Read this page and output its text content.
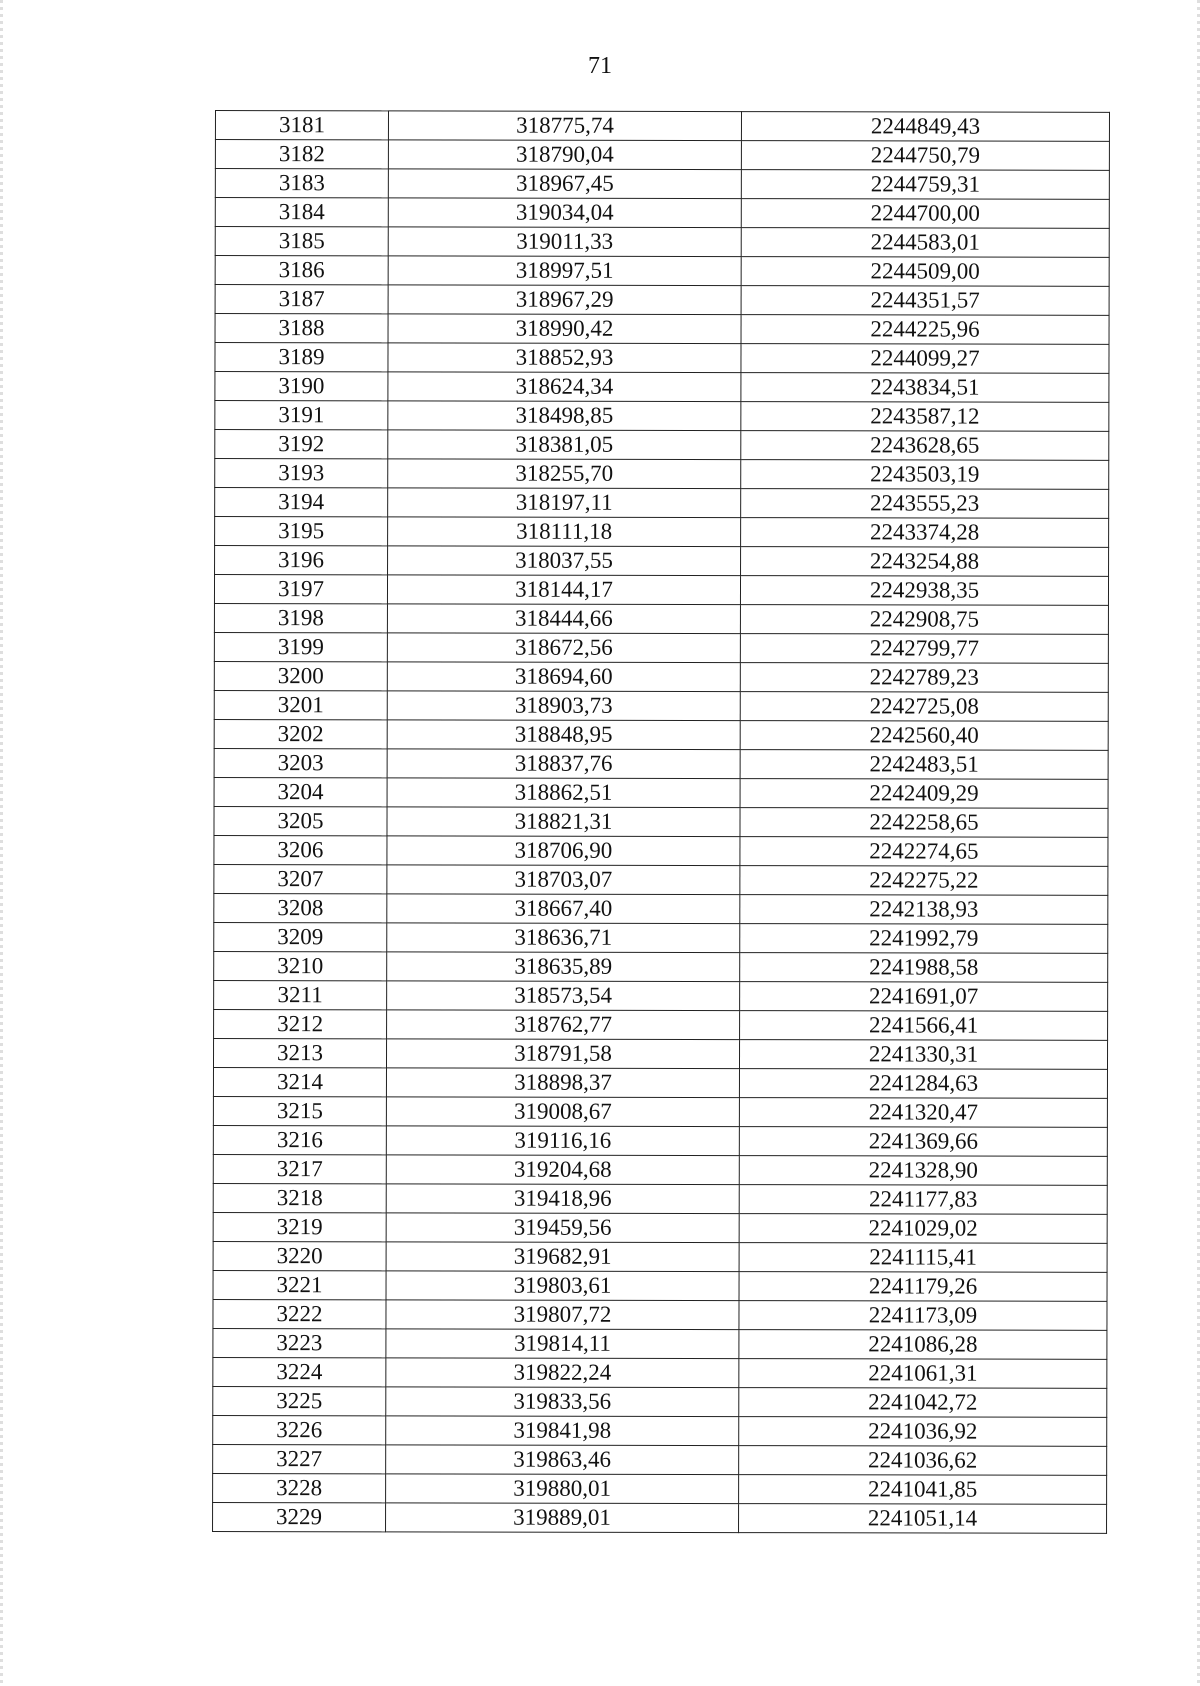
71
3181	318775,74	2244849,43
3182	318790,04	2244750,79
3183	318967,45	2244759,31
3184	319034,04	2244700,00
3185	319011,33	2244583,01
3186	318997,51	2244509,00
3187	318967,29	2244351,57
3188	318990,42	2244225,96
3189	318852,93	2244099,27
3190	318624,34	2243834,51
3191	318498,85	2243587,12
3192	318381,05	2243628,65
3193	318255,70	2243503,19
3194	318197,11	2243555,23
3195	318111,18	2243374,28
3196	318037,55	2243254,88
3197	318144,17	2242938,35
3198	318444,66	2242908,75
3199	318672,56	2242799,77
3200	318694,60	2242789,23
3201	318903,73	2242725,08
3202	318848,95	2242560,40
3203	318837,76	2242483,51
3204	318862,51	2242409,29
3205	318821,31	2242258,65
3206	318706,90	2242274,65
3207	318703,07	2242275,22
3208	318667,40	2242138,93
3209	318636,71	2241992,79
3210	318635,89	2241988,58
3211	318573,54	2241691,07
3212	318762,77	2241566,41
3213	318791,58	2241330,31
3214	318898,37	2241284,63
3215	319008,67	2241320,47
3216	319116,16	2241369,66
3217	319204,68	2241328,90
3218	319418,96	2241177,83
3219	319459,56	2241029,02
3220	319682,91	2241115,41
3221	319803,61	2241179,26
3222	319807,72	2241173,09
3223	319814,11	2241086,28
3224	319822,24	2241061,31
3225	319833,56	2241042,72
3226	319841,98	2241036,92
3227	319863,46	2241036,62
3228	319880,01	2241041,85
3229	319889,01	2241051,14
